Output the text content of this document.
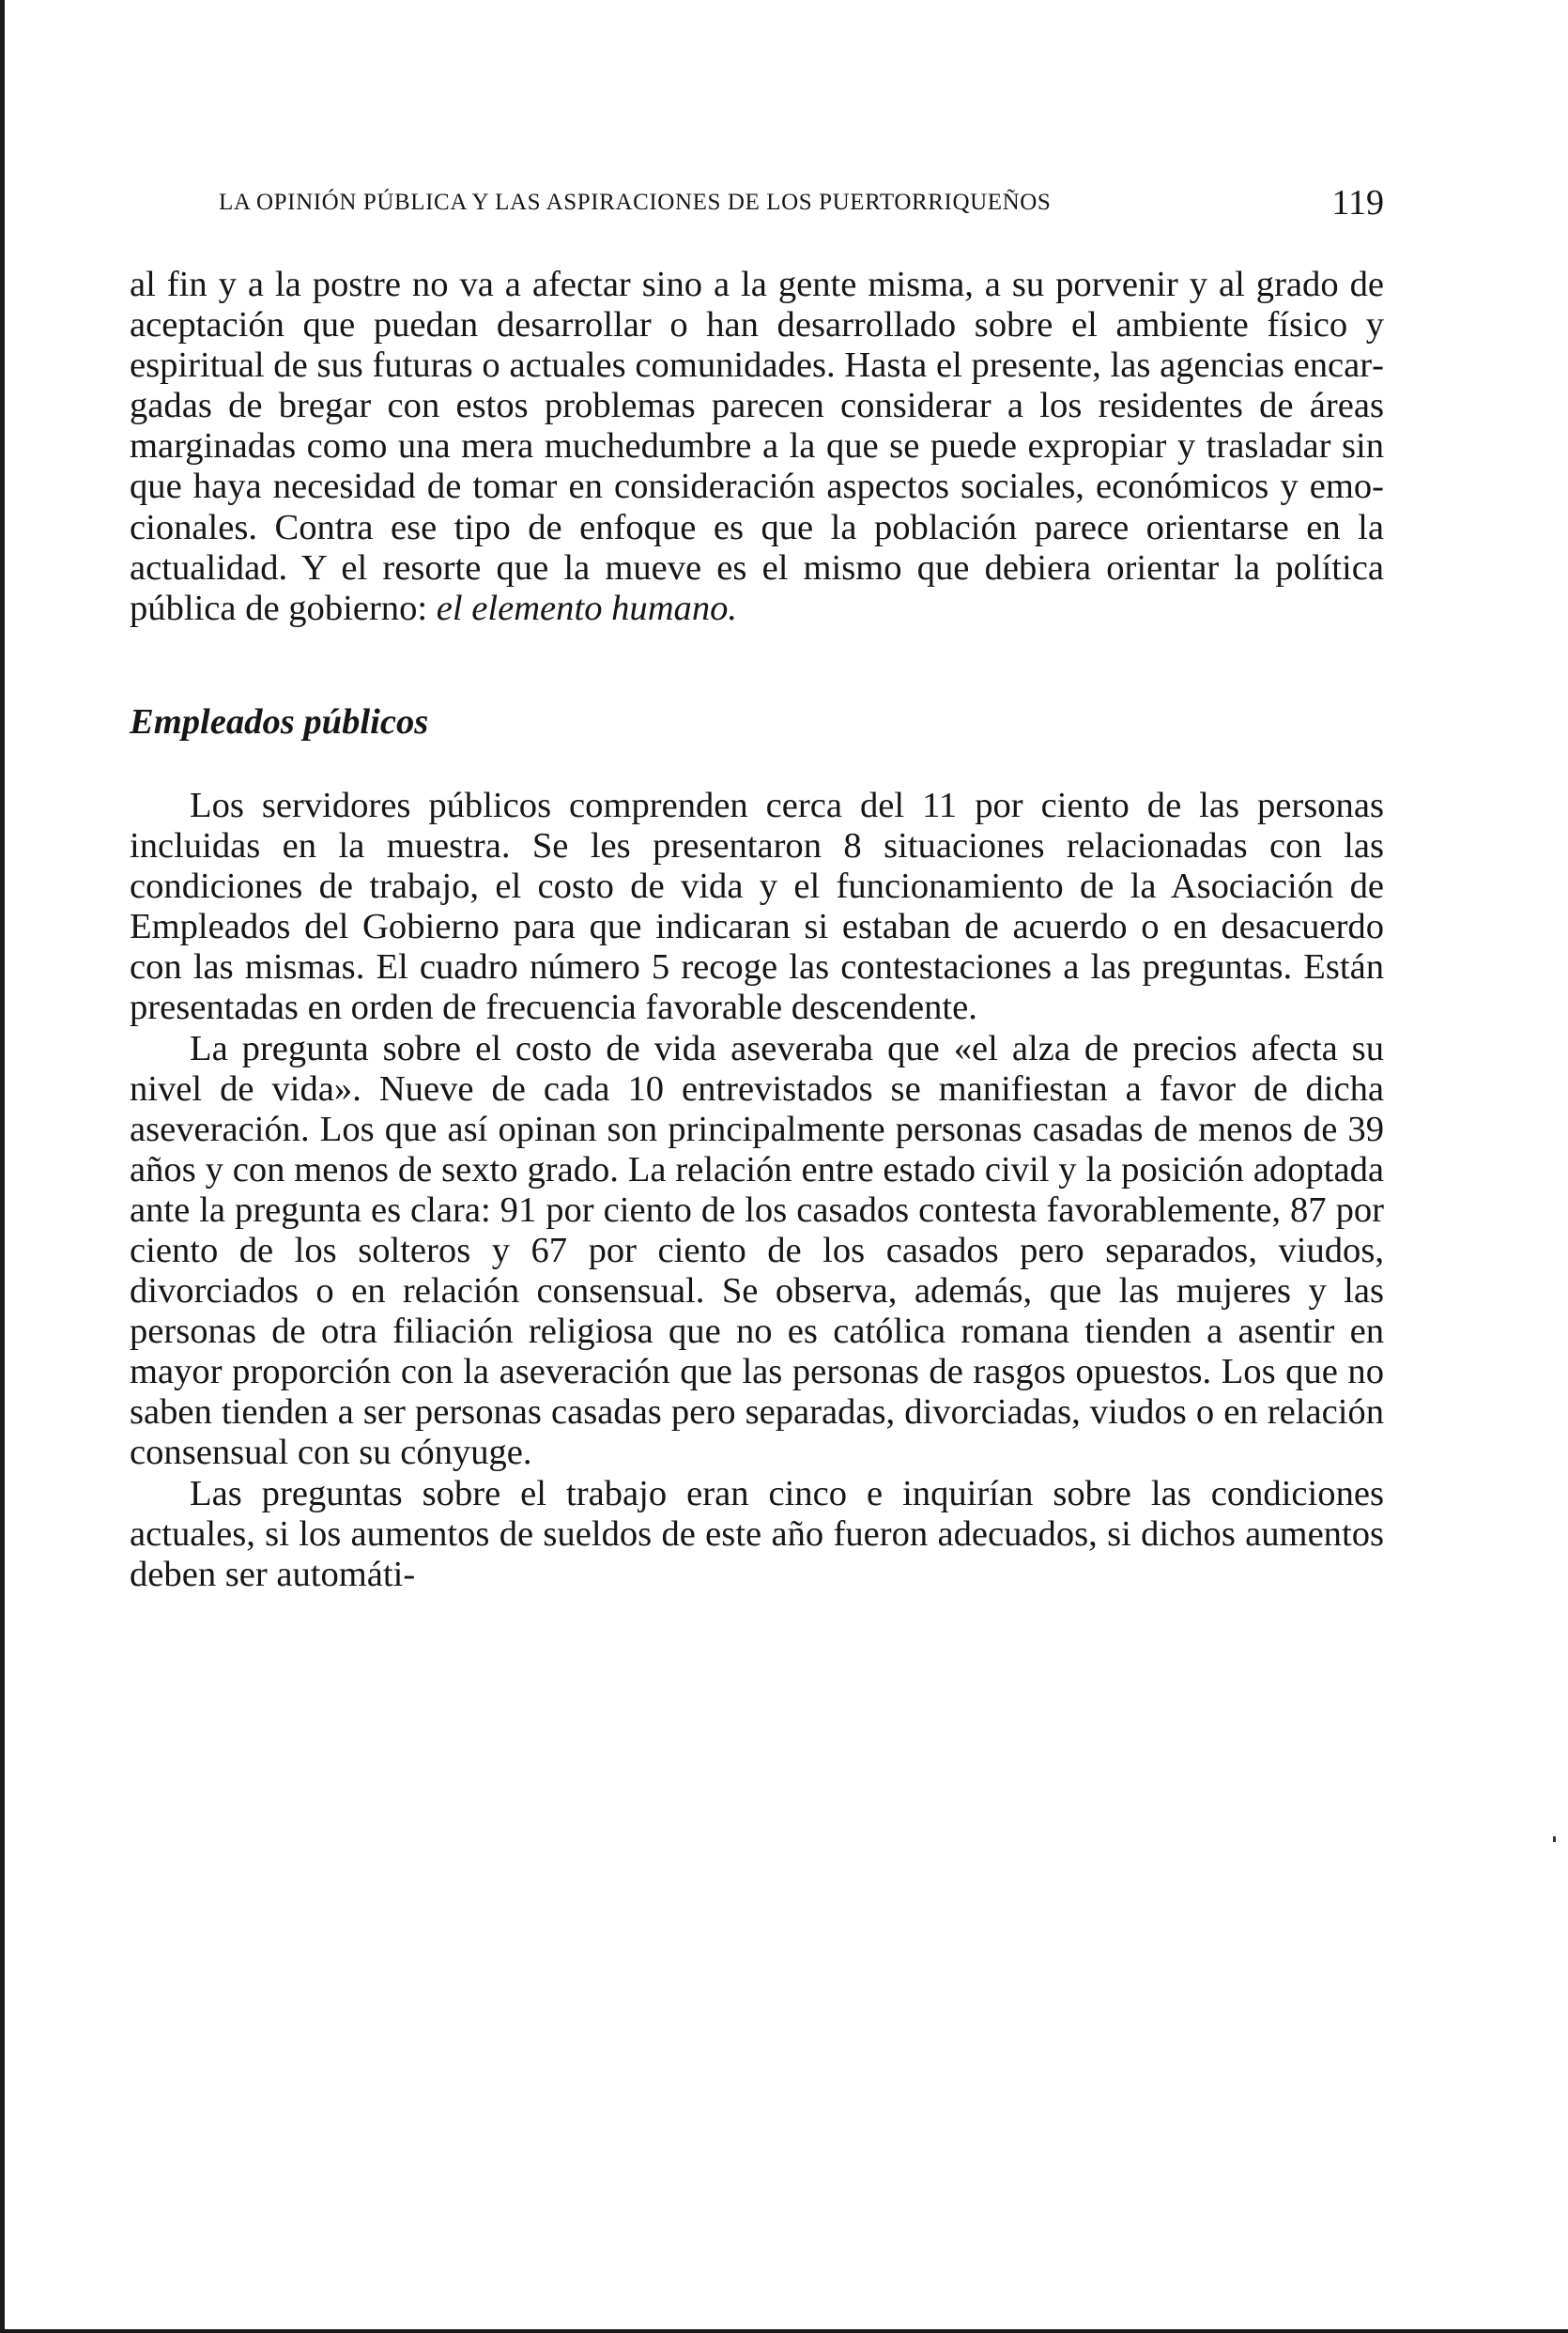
LA OPINIÓN PÚBLICA Y LAS ASPIRACIONES DE LOS PUERTORRIQUEÑOS	119

al fin y a la postre no va a afectar sino a la gente misma, a su porvenir y al grado de aceptación que puedan desarrollar o han desarrollado sobre el ambiente físico y espiritual de sus futuras o actuales comunidades. Hasta el presente, las agencias encargadas de bregar con estos problemas parecen considerar a los residentes de áreas marginadas como una mera muchedumbre a la que se puede expropiar y trasladar sin que haya necesidad de tomar en consideración aspectos sociales, económicos y emocionales. Contra ese tipo de enfoque es que la población parece orientarse en la actualidad. Y el resorte que la mueve es el mismo que debiera orientar la política pública de gobierno: el elemento humano.

Empleados públicos

Los servidores públicos comprenden cerca del 11 por ciento de las personas incluidas en la muestra. Se les presentaron 8 situaciones relacionadas con las condiciones de trabajo, el costo de vida y el funcionamiento de la Asociación de Empleados del Gobierno para que indicaran si estaban de acuerdo o en desacuerdo con las mismas. El cuadro número 5 recoge las contestaciones a las preguntas. Están presentadas en orden de frecuencia favorable descendente.

La pregunta sobre el costo de vida aseveraba que «el alza de precios afecta su nivel de vida». Nueve de cada 10 entrevistados se manifiestan a favor de dicha aseveración. Los que así opinan son principalmente personas casadas de menos de 39 años y con menos de sexto grado. La relación entre estado civil y la posición adoptada ante la pregunta es clara: 91 por ciento de los casados contesta favorablemente, 87 por ciento de los solteros y 67 por ciento de los casados pero separados, viudos, divorciados o en relación consensual. Se observa, además, que las mujeres y las personas de otra filiación religiosa que no es católica romana tienden a asentir en mayor proporción con la aseveración que las personas de rasgos opuestos. Los que no saben tienden a ser personas casadas pero separadas, divorciadas, viudos o en relación consensual con su cónyuge.

Las preguntas sobre el trabajo eran cinco e inquirían sobre las condiciones actuales, si los aumentos de sueldos de este año fueron adecuados, si dichos aumentos deben ser automáti-
